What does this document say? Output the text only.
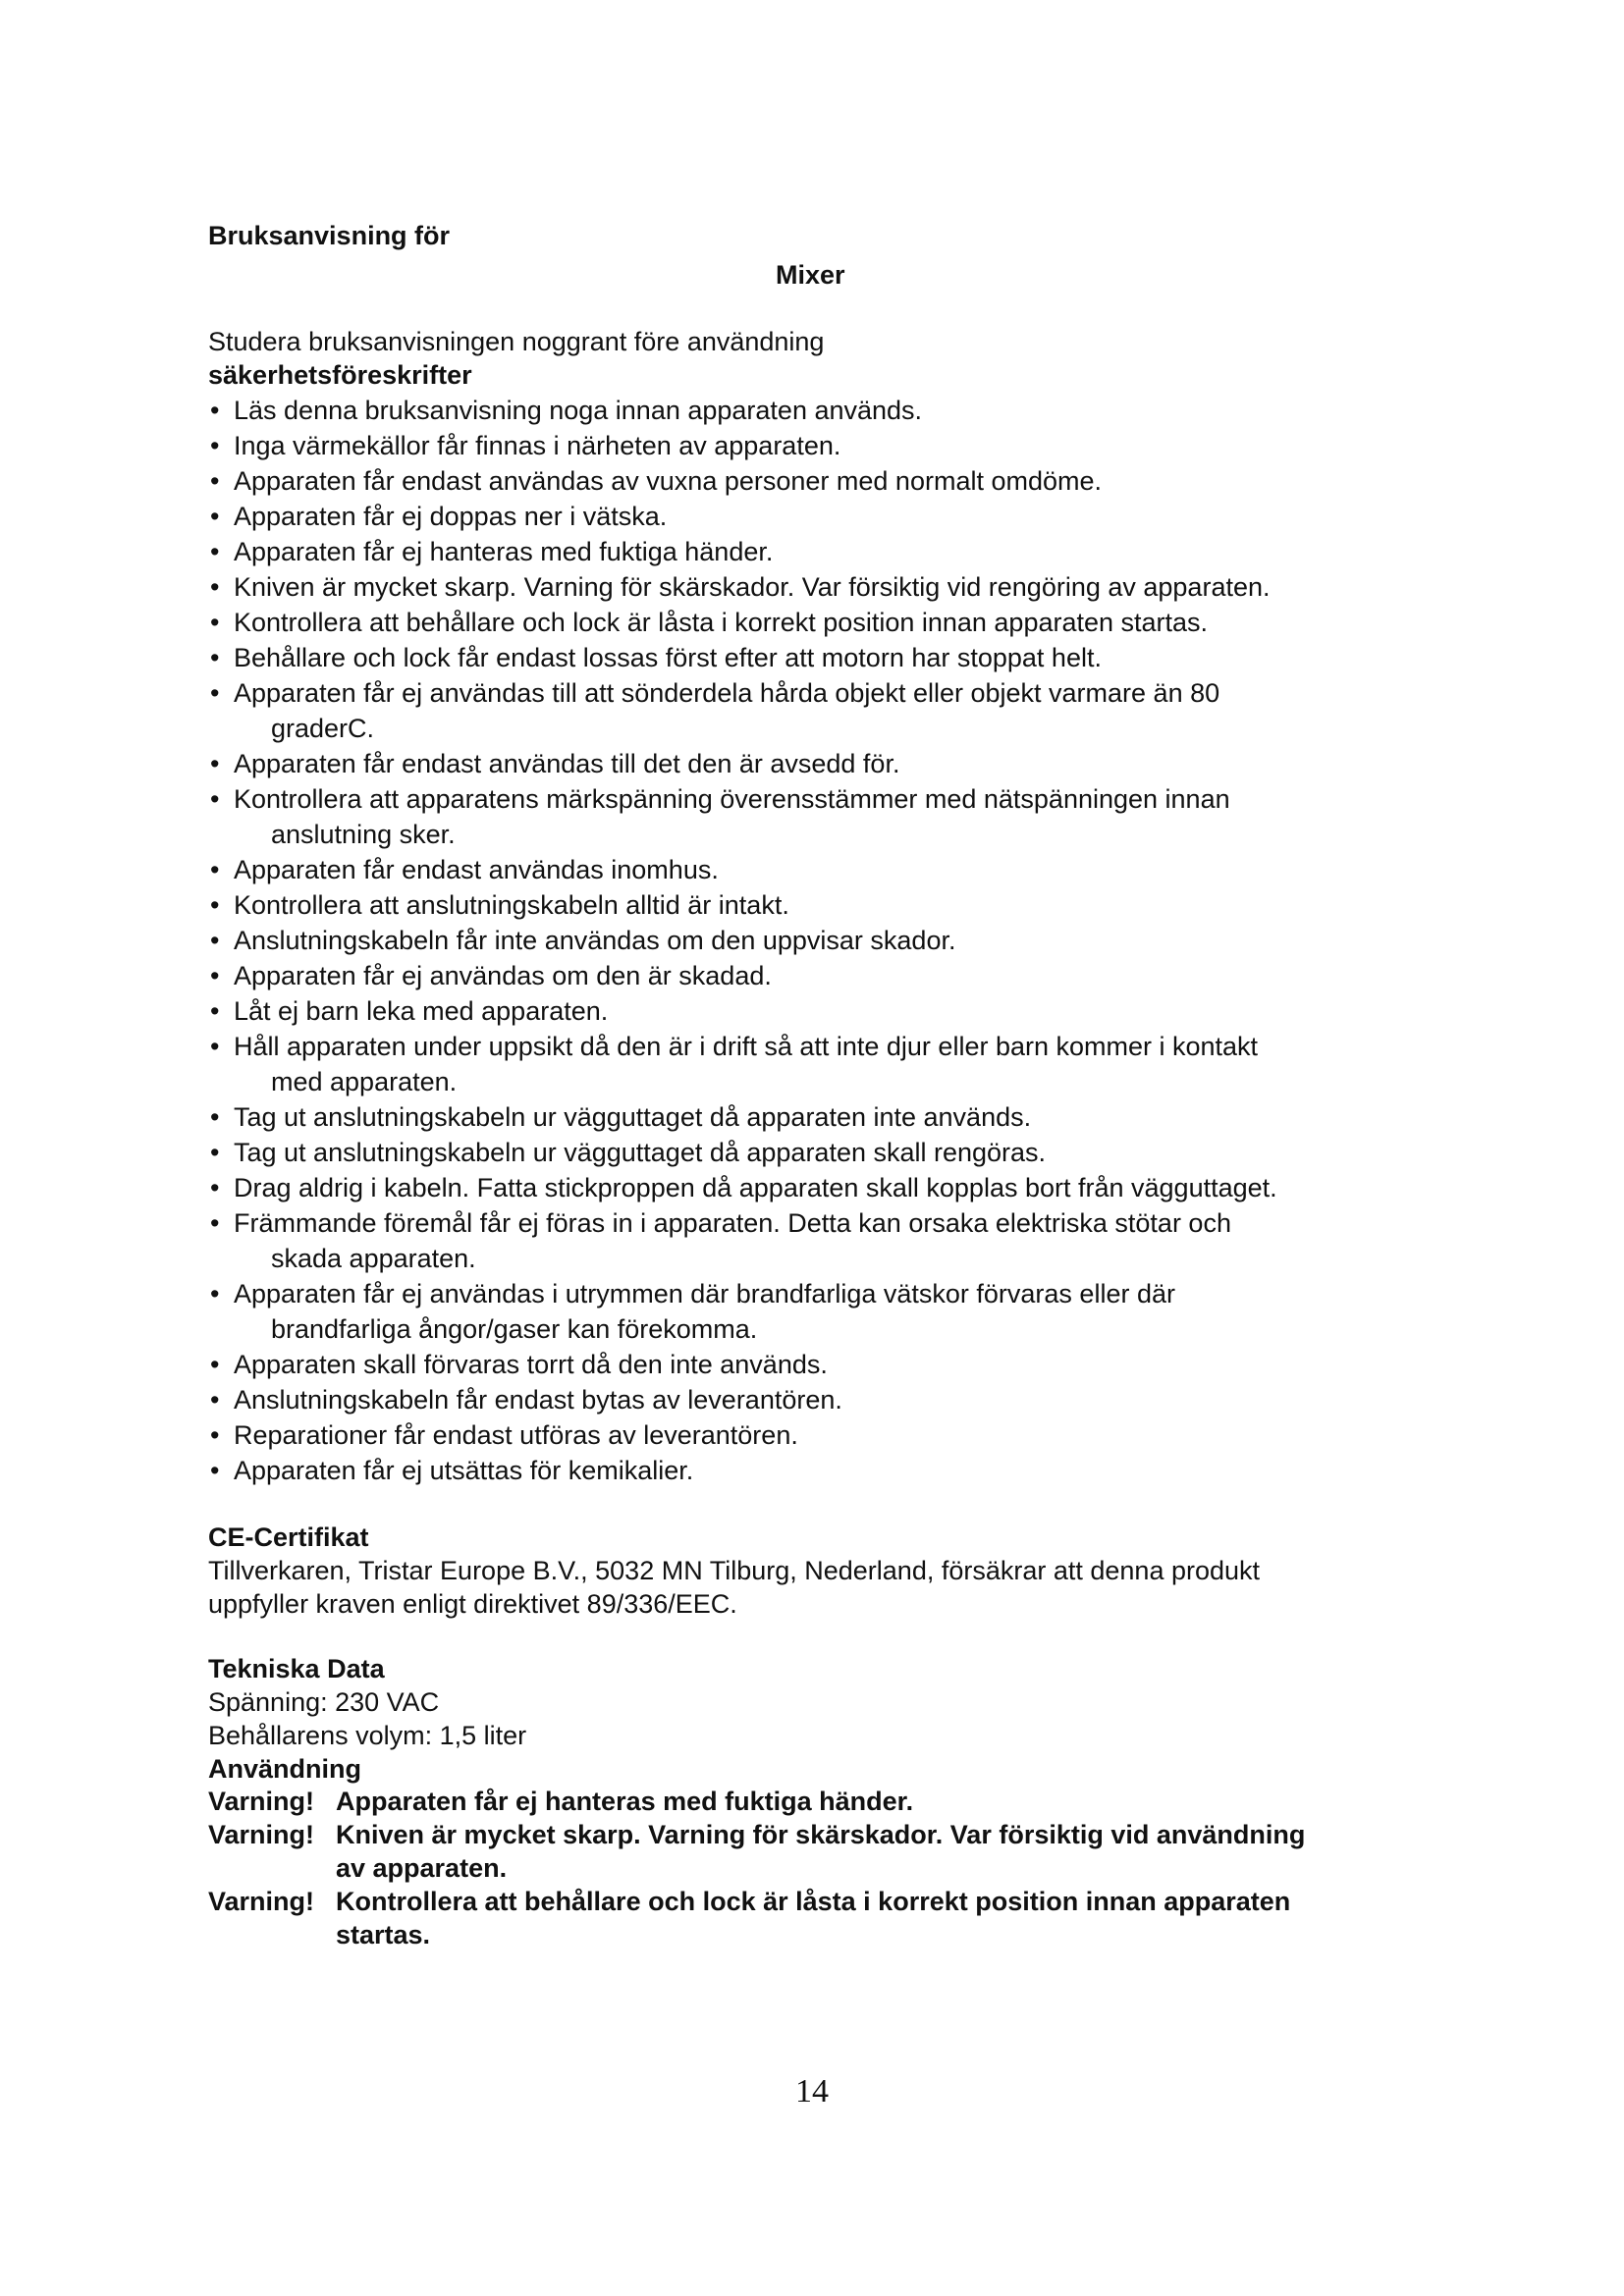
Bruksanvisning för
Mixer
Studera bruksanvisningen noggrant före användning
säkerhetsföreskrifter
• Läs denna bruksanvisning noga innan apparaten används.
• Inga värmekällor får finnas i närheten av apparaten.
• Apparaten får endast användas av vuxna personer med normalt omdöme.
• Apparaten får ej doppas ner i vätska.
• Apparaten får ej hanteras med fuktiga händer.
• Kniven är mycket skarp. Varning för skärskador. Var försiktig vid rengöring av apparaten.
• Kontrollera att behållare och lock är låsta i korrekt position innan apparaten startas.
• Behållare och lock får endast lossas först efter att motorn har stoppat helt.
• Apparaten får ej användas till att sönderdela hårda objekt eller objekt varmare än 80
graderC.
• Apparaten får endast användas till det den är avsedd för.
• Kontrollera att apparatens märkspänning överensstämmer med nätspänningen innan
anslutning sker.
• Apparaten får endast användas inomhus.
• Kontrollera att anslutningskabeln alltid är intakt.
• Anslutningskabeln får inte användas om den uppvisar skador.
• Apparaten får ej användas om den är skadad.
• Låt ej barn leka med apparaten.
• Håll apparaten under uppsikt då den är i drift så att inte djur eller barn kommer i kontakt
med apparaten.
• Tag ut anslutningskabeln ur vägguttaget då apparaten inte används.
• Tag ut anslutningskabeln ur vägguttaget då apparaten skall rengöras.
• Drag aldrig i kabeln. Fatta stickproppen då apparaten skall kopplas bort från vägguttaget.
• Främmande föremål får ej föras in i apparaten. Detta kan orsaka elektriska stötar och
skada apparaten.
• Apparaten får ej användas i utrymmen där brandfarliga vätskor förvaras eller där
brandfarliga ångor/gaser kan förekomma.
• Apparaten skall förvaras torrt då den inte används.
• Anslutningskabeln får endast bytas av leverantören.
• Reparationer får endast utföras av leverantören.
• Apparaten får ej utsättas för kemikalier.
CE-Certifikat
Tillverkaren, Tristar Europe B.V., 5032 MN Tilburg, Nederland, försäkrar att denna produkt
uppfyller kraven enligt direktivet 89/336/EEC.
Tekniska Data
Spänning: 230 VAC
Behållarens volym: 1,5 liter
Användning
Varning! Apparaten får ej hanteras med fuktiga händer.
Varning! Kniven är mycket skarp. Varning för skärskador. Var försiktig vid användning
av apparaten.
Varning! Kontrollera att behållare och lock är låsta i korrekt position innan apparaten
startas.
14
